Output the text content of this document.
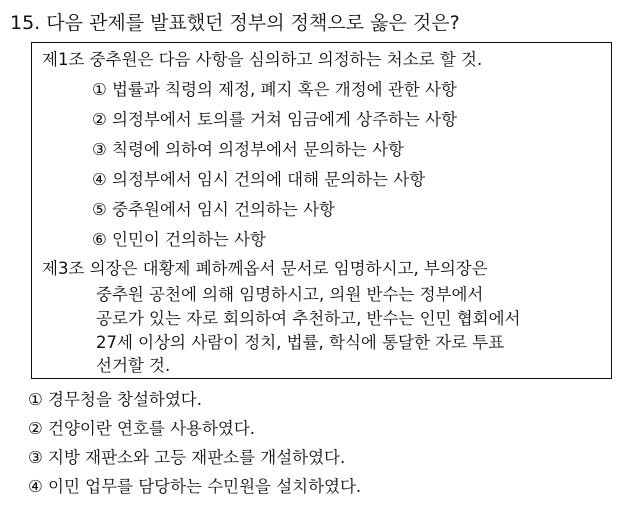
15. 다음 관제를 발표했던 정부의 정책으로 옳은 것은?
제1조 중추원은 다음 사항을 심의하고 의정하는 처소로 할 것.
① 법률과 칙령의 제정, 폐지 혹은 개정에 관한 사항
② 의정부에서 토의를 거쳐 임금에게 상주하는 사항
③ 칙령에 의하여 의정부에서 문의하는 사항
④ 의정부에서 임시 건의에 대해 문의하는 사항
⑤ 중추원에서 임시 건의하는 사항
⑥ 인민이 건의하는 사항
제3조 의장은 대황제 폐하께옵서 문서로 임명하시고, 부의장은
중추원 공천에 의해 임명하시고, 의원 반수는 정부에서
공로가 있는 자로 회의하여 추천하고, 반수는 인민 협회에서
27세 이상의 사람이 정치, 법률, 학식에 통달한 자로 투표
선거할 것.
① 경무청을 창설하였다.
② 건양이란 연호를 사용하였다.
③ 지방 재판소와 고등 재판소를 개설하였다.
④ 이민 업무를 담당하는 수민원을 설치하였다.
